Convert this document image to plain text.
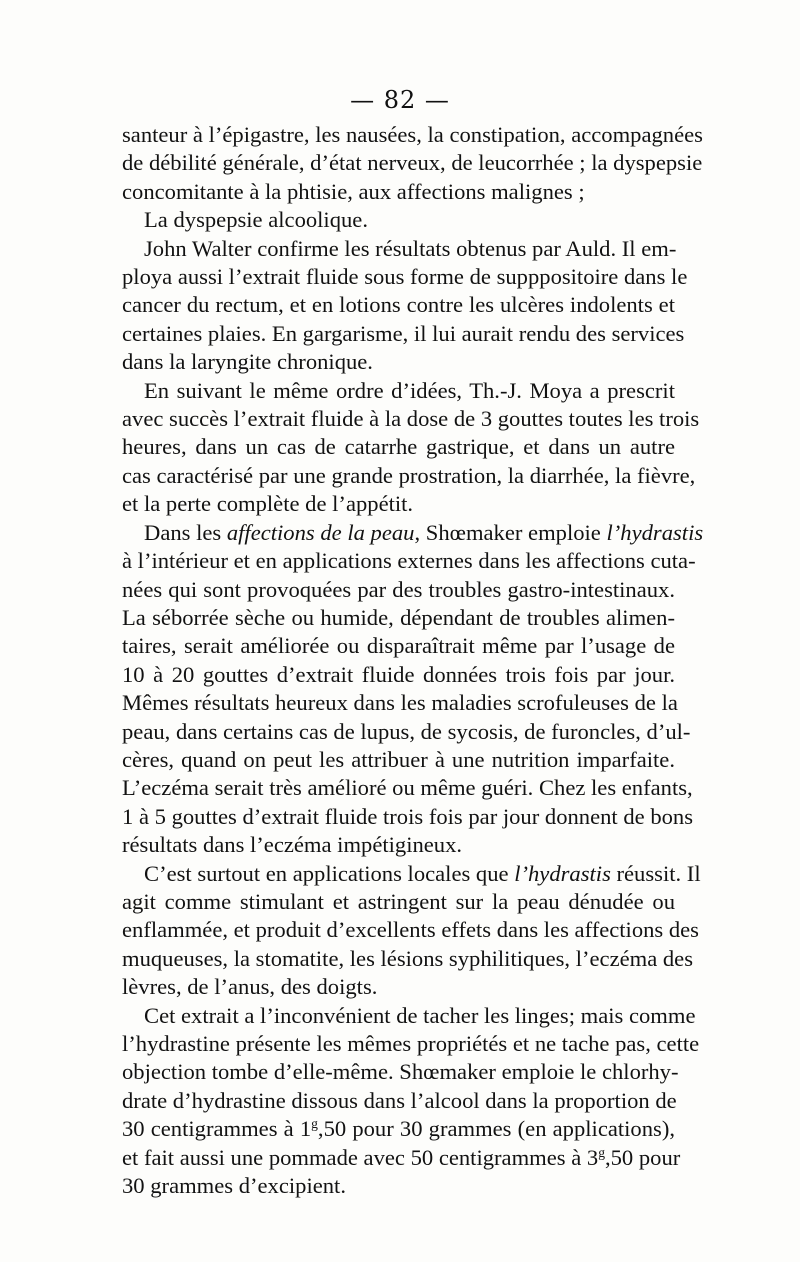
— 82 —
santeur à l’épigastre, les nausées, la constipation, accompagnées
de débilité générale, d’état nerveux, de leucorrhée ; la dyspepsie
concomitante à la phtisie, aux affections malignes ;
La dyspepsie alcoolique.
John Walter confirme les résultats obtenus par Auld. Il em-
ploya aussi l’extrait fluide sous forme de supppositoire dans le
cancer du rectum, et en lotions contre les ulcères indolents et
certaines plaies. En gargarisme, il lui aurait rendu des services
dans la laryngite chronique.
En suivant le même ordre d’idées, Th.-J. Moya a prescrit
avec succès l’extrait fluide à la dose de 3 gouttes toutes les trois
heures, dans un cas de catarrhe gastrique, et dans un autre
cas caractérisé par une grande prostration, la diarrhée, la fièvre,
et la perte complète de l’appétit.
Dans les affections de la peau, Shœmaker emploie l’hydrastis
à l’intérieur et en applications externes dans les affections cuta-
nées qui sont provoquées par des troubles gastro-intestinaux.
La séborrée sèche ou humide, dépendant de troubles alimen-
taires, serait améliorée ou disparaîtrait même par l’usage de
10 à 20 gouttes d’extrait fluide données trois fois par jour.
Mêmes résultats heureux dans les maladies scrofuleuses de la
peau, dans certains cas de lupus, de sycosis, de furoncles, d’ul-
cères, quand on peut les attribuer à une nutrition imparfaite.
L’eczéma serait très amélioré ou même guéri. Chez les enfants,
1 à 5 gouttes d’extrait fluide trois fois par jour donnent de bons
résultats dans l’eczéma impétigineux.
C’est surtout en applications locales que l’hydrastis réussit. Il
agit comme stimulant et astringent sur la peau dénudée ou
enflammée, et produit d’excellents effets dans les affections des
muqueuses, la stomatite, les lésions syphilitiques, l’eczéma des
lèvres, de l’anus, des doigts.
Cet extrait a l’inconvénient de tacher les linges; mais comme
l’hydrastine présente les mêmes propriétés et ne tache pas, cette
objection tombe d’elle-même. Shœmaker emploie le chlorhy-
drate d’hydrastine dissous dans l’alcool dans la proportion de
30 centigrammes à 1$^g$,50 pour 30 grammes (en applications),
et fait aussi une pommade avec 50 centigrammes à 3$^g$,50 pour
30 grammes d’excipient.
